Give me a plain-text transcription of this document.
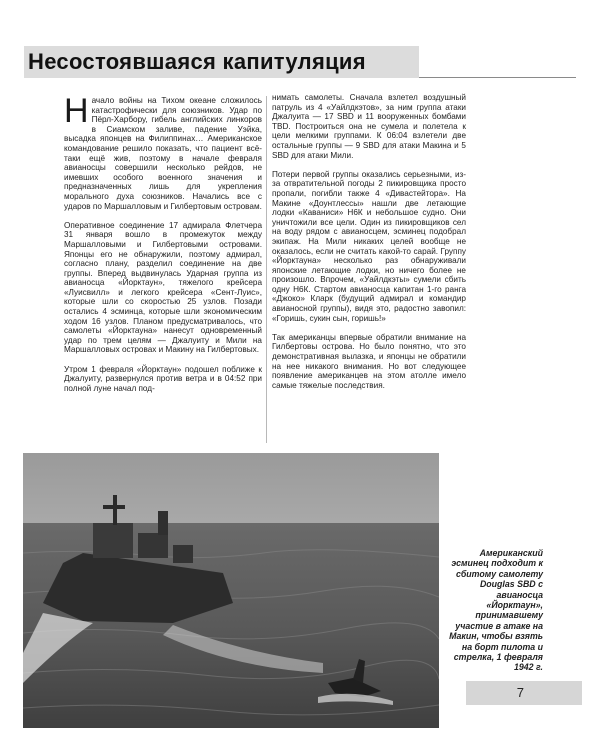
Несостоявшаяся капитуляция

Начало войны на Тихом океане сложилось катастрофически для союзников. Удар по Пёрл-Харбору, гибель английских линкоров в Сиамском заливе, падение Уэйка, высадка японцев на Филиппинах… Американское командование решило показать, что пациент всё-таки ещё жив, поэтому в начале февраля авианосцы совершили несколько рейдов, не имевших особого военного значения и предназначенных лишь для укрепления морального духа союзников. Начались все с ударов по Маршалловым и Гилбертовым островам.

Оперативное соединение 17 адмирала Флетчера 31 января вошло в промежуток между Маршалловыми и Гилбертовыми островами. Японцы его не обнаружили, поэтому адмирал, согласно плану, разделил соединение на две группы. Вперед выдвинулась Ударная группа из авианосца «Йорктаун», тяжелого крейсера «Луисвилл» и легкого крейсера «Сент-Луис», которые шли со скоростью 25 узлов. Позади остались 4 эсминца, которые шли экономическим ходом 16 узлов. Планом предусматривалось, что самолеты «Йорктауна» нанесут одновременный удар по трем целям — Джалуиту и Мили на Маршалловых островах и Макину на Гилбертовых.

Утром 1 февраля «Йорктаун» подошел поближе к Джалуиту, развернулся против ветра и в 04:52 при полной луне начал под-

нимать самолеты. Сначала взлетел воздушный патруль из 4 «Уайлдкэтов», за ним группа атаки Джалуита — 17 SBD и 11 вооруженных бомбами TBD. Построиться она не сумела и полетела к цели мелкими группами. К 06:04 взлетели две остальные группы — 9 SBD для атаки Макина и 5 SBD для атаки Мили.

Потери первой группы оказались серьезными, из-за отвратительной погоды 2 пикировщика просто пропали, погибли также 4 «Дивастейтора». На Макине «Доунтлессы» нашли две летающие лодки «Каваниси» Н6К и небольшое судно. Они уничтожили все цели. Один из пикировщиков сел на воду рядом с авианосцем, эсминец подобрал экипаж. На Мили никаких целей вообще не оказалось, если не считать какой-то сарай. Группу «Йорктауна» несколько раз обнаруживали японские летающие лодки, но ничего более не произошло. Впрочем, «Уайлдкэты» сумели сбить одну Н6К. Стартом авианосца капитан 1-го ранга «Джоко» Кларк (будущий адмирал и командир авианосной группы), видя это, радостно завопил: «Горишь, сукин сын, горишь!»

Так американцы впервые обратили внимание на Гилбертовы острова. Но было понятно, что это демонстративная вылазка, и японцы не обратили на нее никакого внимания. Но вот следующее появление американцев на этом атолле имело самые тяжелые последствия.

Американский эсминец подходит к сбитому самолету Douglas SBD с авианосца «Йорктаун», принимавшему участие в атаке на Макин, чтобы взять на борт пилота и стрелка, 1 февраля 1942 г.
7
